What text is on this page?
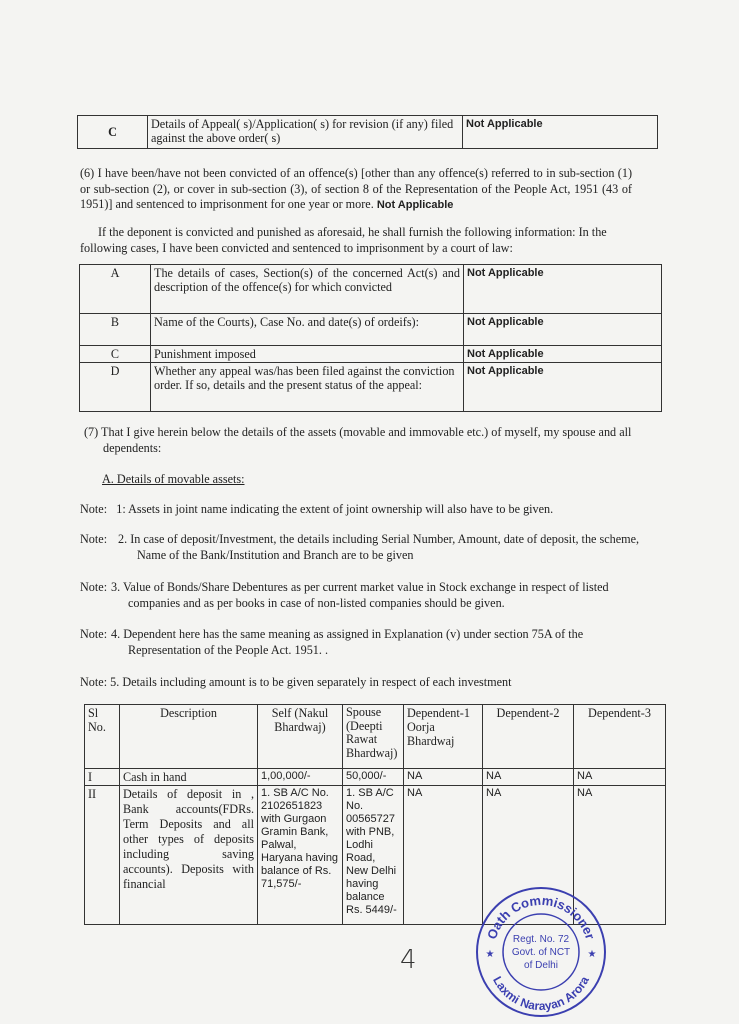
C	Details of Appeal( s)/Application( s) for revision (if any) filed against the above order( s)	Not Applicable
(6) I have been/have not been convicted of an offence(s) [other than any offence(s) referred to in sub-section (1) or sub-section (2), or cover in sub-section (3), of section 8 of the Representation of the People Act, 1951 (43 of 1951)] and sentenced to imprisonment for one year or more. Not Applicable
If the deponent is convicted and punished as aforesaid, he shall furnish the following information: In the following cases, I have been convicted and sentenced to imprisonment by a court of law:
A	The details of cases, Section(s) of the concerned Act(s) and description of the offence(s) for which convicted	Not Applicable
B	Name of the Courts), Case No. and date(s) of ordeifs):	Not Applicable
C	Punishment imposed	Not Applicable
D	Whether any appeal was/has been filed against the conviction order. If so, details and the present status of the appeal:	Not Applicable
(7) That I give herein below the details of the assets (movable and immovable etc.) of myself, my spouse and all dependents:
A. Details of movable assets:
Note: 1: Assets in joint name indicating the extent of joint ownership will also have to be given.
Note: 2. In case of deposit/Investment, the details including Serial Number, Amount, date of deposit, the scheme, Name of the Bank/Institution and Branch are to be given
Note: 3. Value of Bonds/Share Debentures as per current market value in Stock exchange in respect of listed companies and as per books in case of non-listed companies should be given.
Note: 4. Dependent here has the same meaning as assigned in Explanation (v) under section 75A of the Representation of the People Act. 1951. .
Note: 5. Details including amount is to be given separately in respect of each investment
Sl No.	Description	Self (Nakul Bhardwaj)	Spouse (Deepti Rawat Bhardwaj)	Dependent-1 Oorja Bhardwaj	Dependent-2	Dependent-3
I	Cash in hand	1,00,000/-	50,000/-	NA	NA	NA
II	Details of deposit in , Bank accounts(FDRs. Term Deposits and all other types of deposits including saving accounts). Deposits with financial	1. SB A/C No. 2102651823 with Gurgaon Gramin Bank, Palwal, Haryana having balance of Rs. 71,575/-	1. SB A/C No. 00565727 with PNB, Lodhi Road, New Delhi having balance Rs. 5449/-	NA	NA	NA
4
Oath Commissioner
Laxmi Narayan Arora
Regt. No. 72
Govt. of NCT
of Delhi
★	★
